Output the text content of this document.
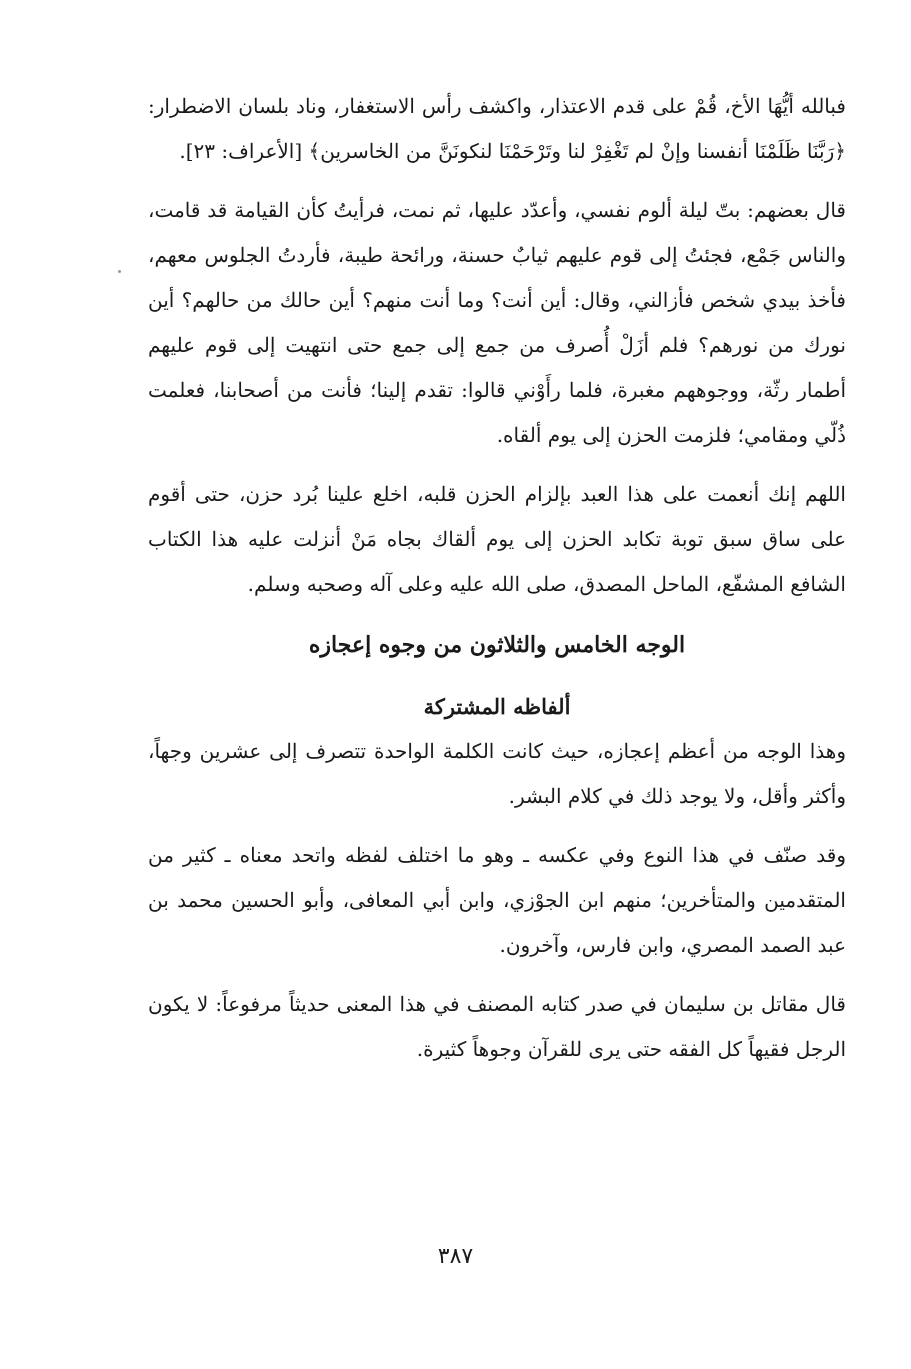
فبالله أيُّهَا الأخ، قُمْ على قدم الاعتذار، واكشف رأس الاستغفار، وناد بلسان الاضطرار: ﴿رَبَّنَا ظَلَمْنَا أنفسنا وإنْ لم تَغْفِرْ لنا وتَرْحَمْنَا لنكونَنَّ من الخاسرين﴾ [الأعراف: ٢٣].

قال بعضهم: بتّ ليلة ألوم نفسي، وأعدّد عليها، ثم نمت، فرأيتُ كأن القيامة قد قامت، والناس جَمْع، فجئتُ إلى قوم عليهم ثيابٌ حسنة، ورائحة طيبة، فأردتُ الجلوس معهم، فأخذ بيدي شخص فأزالني، وقال: أين أنت؟ وما أنت منهم؟ أين حالك من حالهم؟ أين نورك من نورهم؟ فلم أزَلْ أُصرف من جمع إلى جمع حتى انتهيت إلى قوم عليهم أطمار رثّة، ووجوههم مغبرة، فلما رأَوْني قالوا: تقدم إلينا؛ فأنت من أصحابنا، فعلمت ذُلّي ومقامي؛ فلزمت الحزن إلى يوم ألقاه.

اللهم إنك أنعمت على هذا العبد بإلزام الحزن قلبه، اخلع علينا بُرد حزن، حتى أقوم على ساق سبق توبة تكابد الحزن إلى يوم ألقاك بجاه مَنْ أنزلت عليه هذا الكتاب الشافع المشفّع، الماحل المصدق، صلى الله عليه وعلى آله وصحبه وسلم.

الوجه الخامس والثلاثون من وجوه إعجازه
ألفاظه المشتركة

وهذا الوجه من أعظم إعجازه، حيث كانت الكلمة الواحدة تتصرف إلى عشرين وجهاً، وأكثر وأقل، ولا يوجد ذلك في كلام البشر.

وقد صنّف في هذا النوع وفي عكسه ـ وهو ما اختلف لفظه واتحد معناه ـ كثير من المتقدمين والمتأخرين؛ منهم ابن الجوْزي، وابن أبي المعافى، وأبو الحسين محمد بن عبد الصمد المصري، وابن فارس، وآخرون.

قال مقاتل بن سليمان في صدر كتابه المصنف في هذا المعنى حديثاً مرفوعاً: لا يكون الرجل فقيهاً كل الفقه حتى يرى للقرآن وجوهاً كثيرة.

٣٨٧
